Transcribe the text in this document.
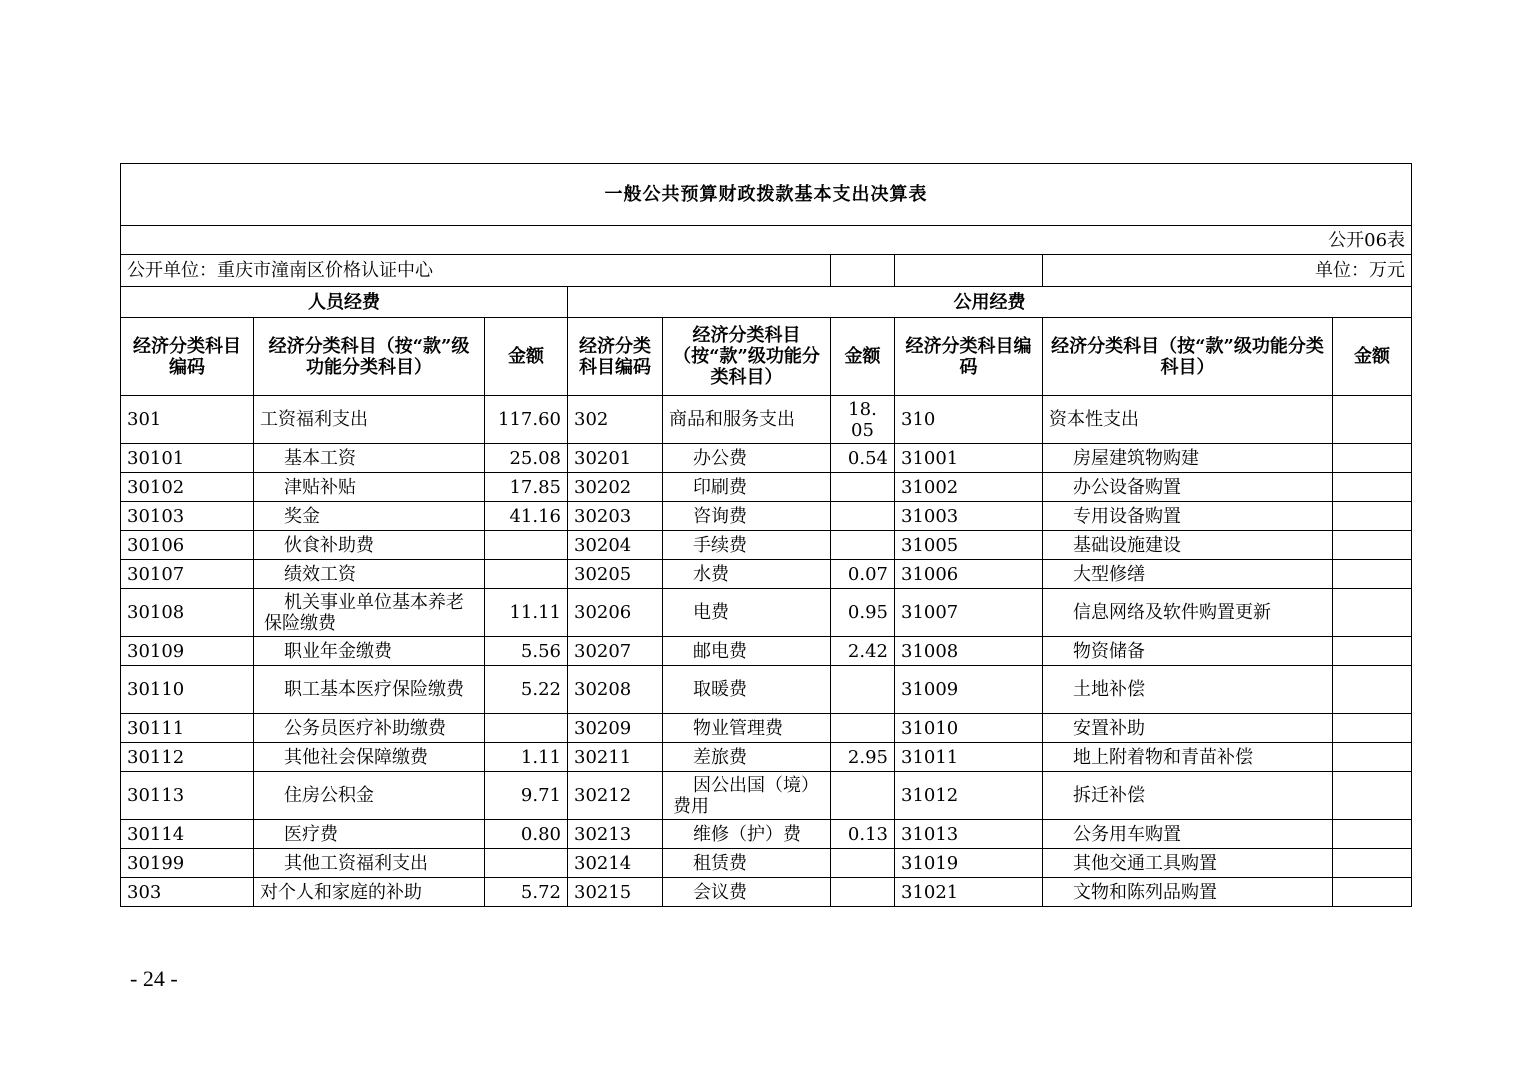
一般公共预算财政拨款基本支出决算表								
公开06表								
公开单位：重庆市潼南区价格认证中心							单位：万元	
人员经费			公用经费					
经济分类科目编码	经济分类科目（按“款”级功能分类科目）	金额	经济分类科目编码	经济分类科目（按“款”级功能分类科目）	金额	经济分类科目编码	经济分类科目（按“款”级功能分类科目）	金额
301	工资福利支出	117.60	302	商品和服务支出	18.05	310	资本性支出	
30101	基本工资	25.08	30201	办公费	0.54	31001	房屋建筑物购建	
30102	津贴补贴	17.85	30202	印刷费		31002	办公设备购置	
30103	奖金	41.16	30203	咨询费		31003	专用设备购置	
30106	伙食补助费		30204	手续费		31005	基础设施建设	
30107	绩效工资		30205	水费	0.07	31006	大型修缮	
30108	机关事业单位基本养老保险缴费	11.11	30206	电费	0.95	31007	信息网络及软件购置更新	
30109	职业年金缴费	5.56	30207	邮电费	2.42	31008	物资储备	
30110	职工基本医疗保险缴费	5.22	30208	取暖费		31009	土地补偿	
30111	公务员医疗补助缴费		30209	物业管理费		31010	安置补助	
30112	其他社会保障缴费	1.11	30211	差旅费	2.95	31011	地上附着物和青苗补偿	
30113	住房公积金	9.71	30212	因公出国（境）费用		31012	拆迁补偿	
30114	医疗费	0.80	30213	维修（护）费	0.13	31013	公务用车购置	
30199	其他工资福利支出		30214	租赁费		31019	其他交通工具购置	
303	对个人和家庭的补助	5.72	30215	会议费		31021	文物和陈列品购置	
- 24 -
